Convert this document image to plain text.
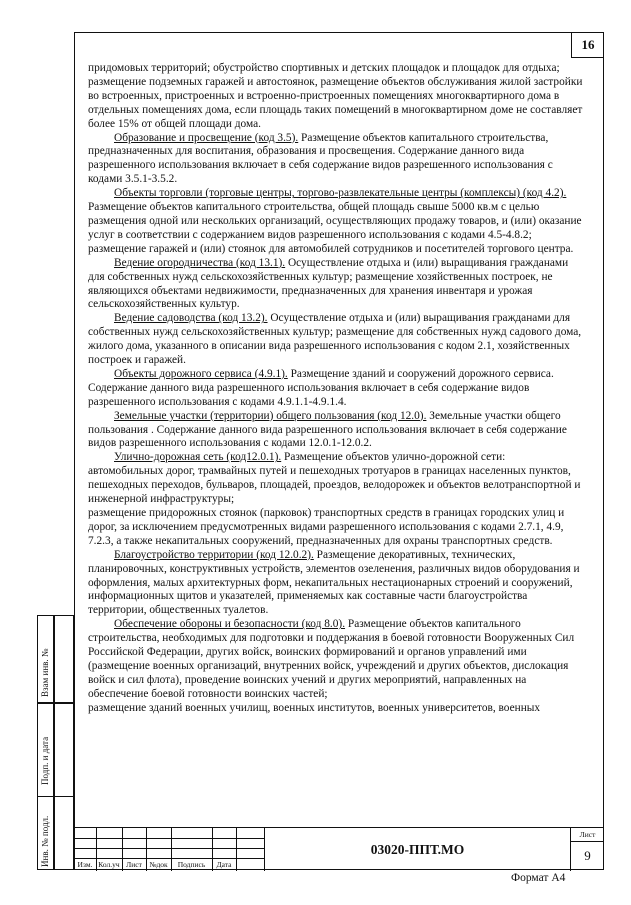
16

придомовых территорий; обустройство спортивных и детских площадок и площадок для отдыха; размещение подземных гаражей и автостоянок, размещение объектов обслуживания жилой застройки во встроенных, пристроенных и встроенно-пристроенных помещениях многоквартирного дома в отдельных помещениях дома, если площадь таких помещений в многоквартирном доме не составляет более 15% от общей площади дома.

Образование и просвещение (код 3.5). Размещение объектов капитального строительства, предназначенных для воспитания, образования и просвещения. Содержание данного вида разрешенного использования включает в себя содержание видов разрешенного использования с кодами 3.5.1-3.5.2.

Объекты торговли (торговые центры, торгово-развлекательные центры (комплексы) (код 4.2). Размещение объектов капитального строительства, общей площадь свыше 5000 кв.м с целью размещения одной или нескольких организаций, осуществляющих продажу товаров, и (или) оказание услуг в соответствии с содержанием видов разрешенного использования с кодами 4.5-4.8.2; размещение гаражей и (или) стоянок для автомобилей сотрудников и посетителей торгового центра.

Ведение огородничества (код 13.1). Осуществление отдыха и (или) выращивания гражданами для собственных нужд сельскохозяйственных культур; размещение хозяйственных построек, не являющихся объектами недвижимости, предназначенных для хранения инвентаря и урожая сельскохозяйственных культур.

Ведение садоводства (код 13.2). Осуществление отдыха и (или) выращивания гражданами для собственных нужд сельскохозяйственных культур; размещение для собственных нужд садового дома, жилого дома, указанного в описании вида разрешенного использования с кодом 2.1, хозяйственных построек и гаражей.

Объекты дорожного сервиса (4.9.1). Размещение зданий и сооружений дорожного сервиса. Содержание данного вида разрешенного использования включает в себя содержание видов разрешенного использования с кодами 4.9.1.1-4.9.1.4.

Земельные участки (территории) общего пользования (код 12.0). Земельные участки общего пользования . Содержание данного вида разрешенного использования включает в себя содержание видов разрешенного использования с кодами 12.0.1-12.0.2.

Улично-дорожная сеть (код12.0.1). Размещение объектов улично-дорожной сети: автомобильных дорог, трамвайных путей и пешеходных тротуаров в границах населенных пунктов, пешеходных переходов, бульваров, площадей, проездов, велодорожек и объектов велотранспортной и инженерной инфраструктуры;

размещение придорожных стоянок (парковок) транспортных средств в границах городских улиц и дорог, за исключением предусмотренных видами разрешенного использования с кодами 2.7.1, 4.9, 7.2.3, а также некапитальных сооружений, предназначенных для охраны транспортных средств.

Благоустройство территории (код 12.0.2). Размещение декоративных, технических, планировочных, конструктивных устройств, элементов озеленения, различных видов оборудования и оформления, малых архитектурных форм, некапитальных нестационарных строений и сооружений, информационных щитов и указателей, применяемых как составные части благоустройства территории, общественных туалетов.

Обеспечение обороны и безопасности (код 8.0). Размещение объектов капитального строительства, необходимых для подготовки и поддержания в боевой готовности Вооруженных Сил Российской Федерации, других войск, воинских формирований и органов управлений ими (размещение военных организаций, внутренних войск, учреждений и других объектов, дислокация войск и сил флота), проведение воинских учений и других мероприятий, направленных на обеспечение боевой готовности воинских частей;

размещение зданий военных училищ, военных институтов, военных университетов, военных

Взам инв. №
Подп. и дата
Инв. № подл.	Изм. Кол.уч Лист №док	Подпись	Дата
03020-ППТ.МО
Лист
9
Формат А4
